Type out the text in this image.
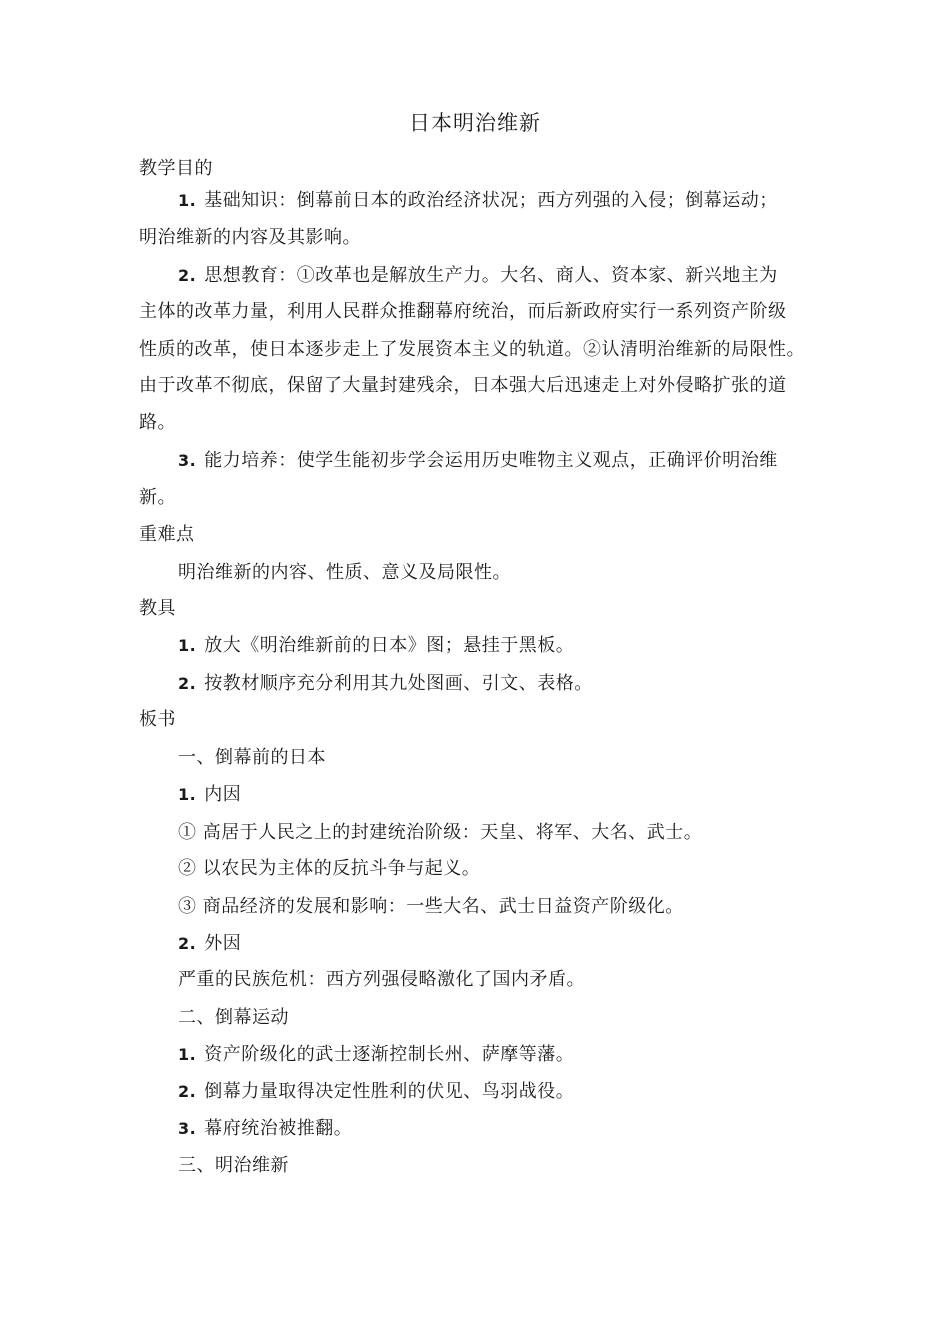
日本明治维新
教学目的
1. 基础知识：倒幕前日本的政治经济状况；西方列强的入侵；倒幕运动；
明治维新的内容及其影响。
2. 思想教育：①改革也是解放生产力。大名、商人、资本家、新兴地主为
主体的改革力量，利用人民群众推翻幕府统治，而后新政府实行一系列资产阶级
性质的改革，使日本逐步走上了发展资本主义的轨道。②认清明治维新的局限性。
由于改革不彻底，保留了大量封建残余，日本强大后迅速走上对外侵略扩张的道
路。
3. 能力培养：使学生能初步学会运用历史唯物主义观点，正确评价明治维
新。
重难点
明治维新的内容、性质、意义及局限性。
教具
1. 放大《明治维新前的日本》图；悬挂于黑板。
2. 按教材顺序充分利用其九处图画、引文、表格。
板书
一、倒幕前的日本
1. 内因
① 高居于人民之上的封建统治阶级：天皇、将军、大名、武士。
② 以农民为主体的反抗斗争与起义。
③ 商品经济的发展和影响：一些大名、武士日益资产阶级化。
2. 外因
严重的民族危机：西方列强侵略激化了国内矛盾。
二、倒幕运动
1. 资产阶级化的武士逐渐控制长州、萨摩等藩。
2. 倒幕力量取得决定性胜利的伏见、鸟羽战役。
3. 幕府统治被推翻。
三、明治维新
